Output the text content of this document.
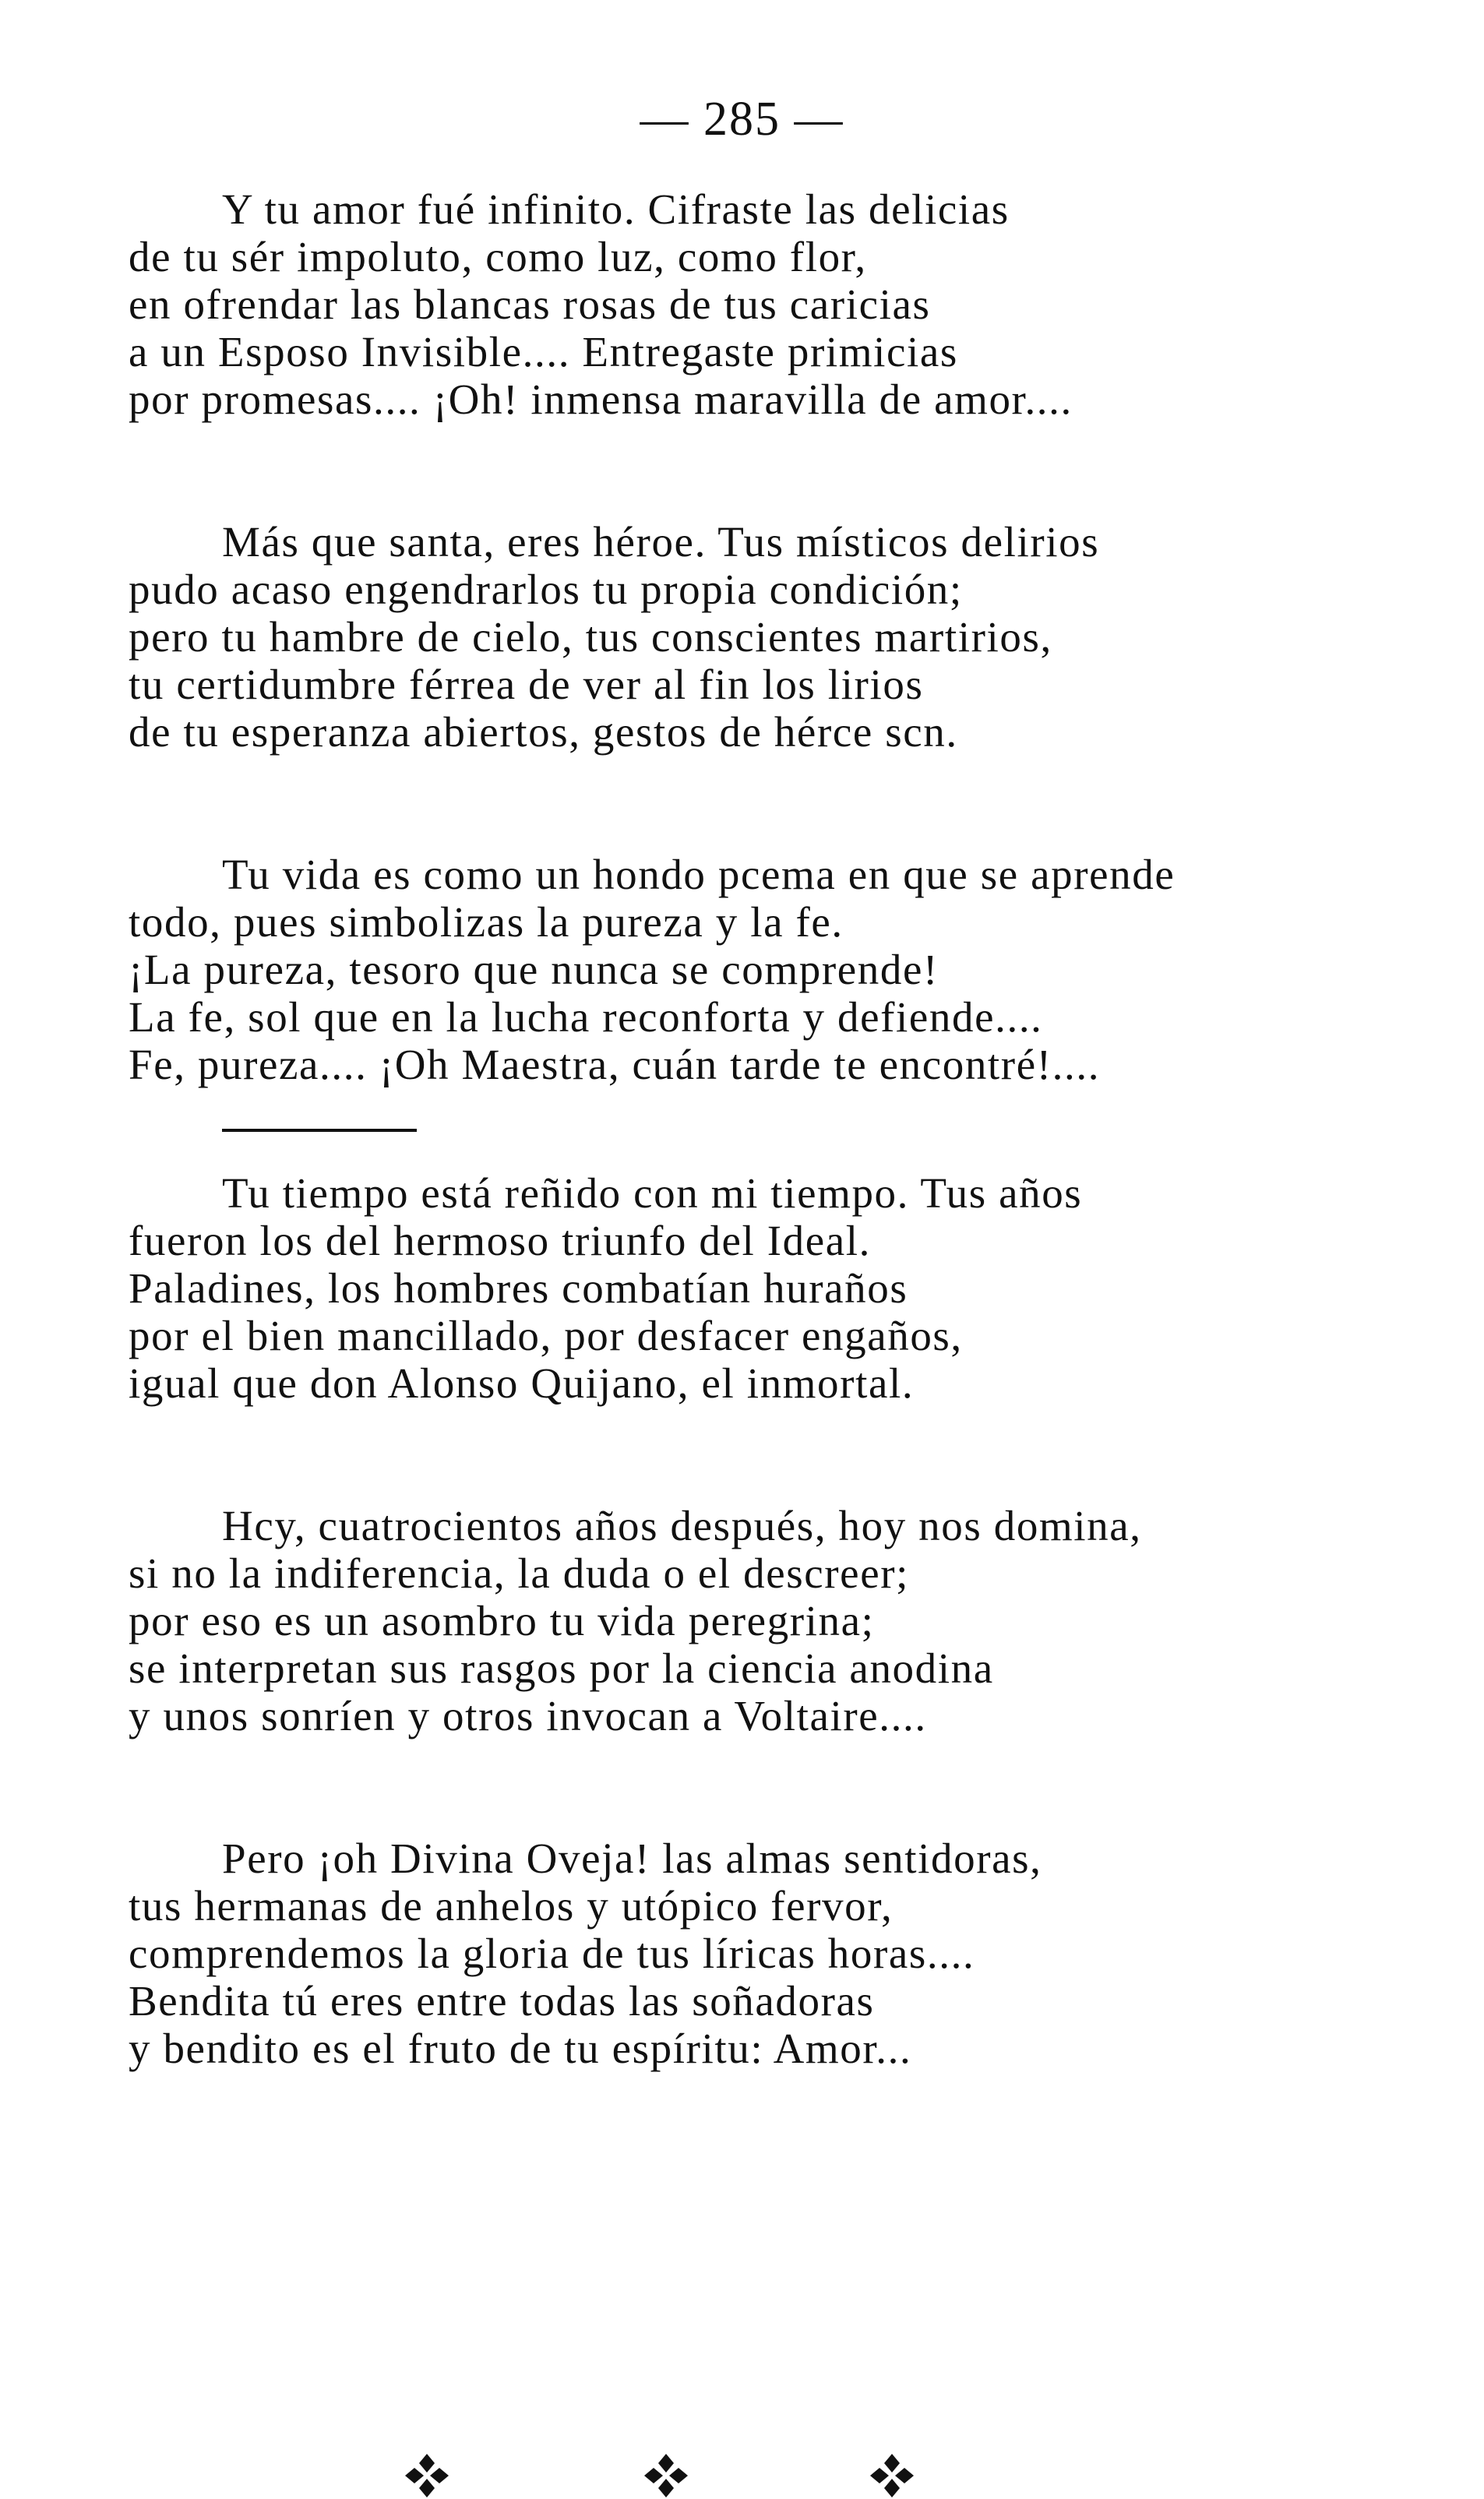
— 285 —
Y tu amor fué infinito. Cifraste las delicias
de tu sér impoluto, como luz, como flor,
en ofrendar las blancas rosas de tus caricias
a un Esposo Invisible.... Entregaste primicias
por promesas.... ¡Oh! inmensa maravilla de amor....
Más que santa, eres héroe. Tus místicos delirios
pudo acaso engendrarlos tu propia condición;
pero tu hambre de cielo, tus conscientes martirios,
tu certidumbre férrea de ver al fin los lirios
de tu esperanza abiertos, gestos de hérce scn.
Tu vida es como un hondo pcema en que se aprende
todo, pues simbolizas la pureza y la fe.
¡La pureza, tesoro que nunca se comprende!
La fe, sol que en la lucha reconforta y defiende....
Fe, pureza.... ¡Oh Maestra, cuán tarde te encontré!....
Tu tiempo está reñido con mi tiempo. Tus años
fueron los del hermoso triunfo del Ideal.
Paladines, los hombres combatían huraños
por el bien mancillado, por desfacer engaños,
igual que don Alonso Quijano, el inmortal.
Hcy, cuatrocientos años después, hoy nos domina,
si no la indiferencia, la duda o el descreer;
por eso es un asombro tu vida peregrina;
se interpretan sus rasgos por la ciencia anodina
y unos sonríen y otros invocan a Voltaire....
Pero ¡oh Divina Oveja! las almas sentidoras,
tus hermanas de anhelos y utópico fervor,
comprendemos la gloria de tus líricas horas....
Bendita tú eres entre todas las soñadoras
y bendito es el fruto de tu espíritu: Amor...
